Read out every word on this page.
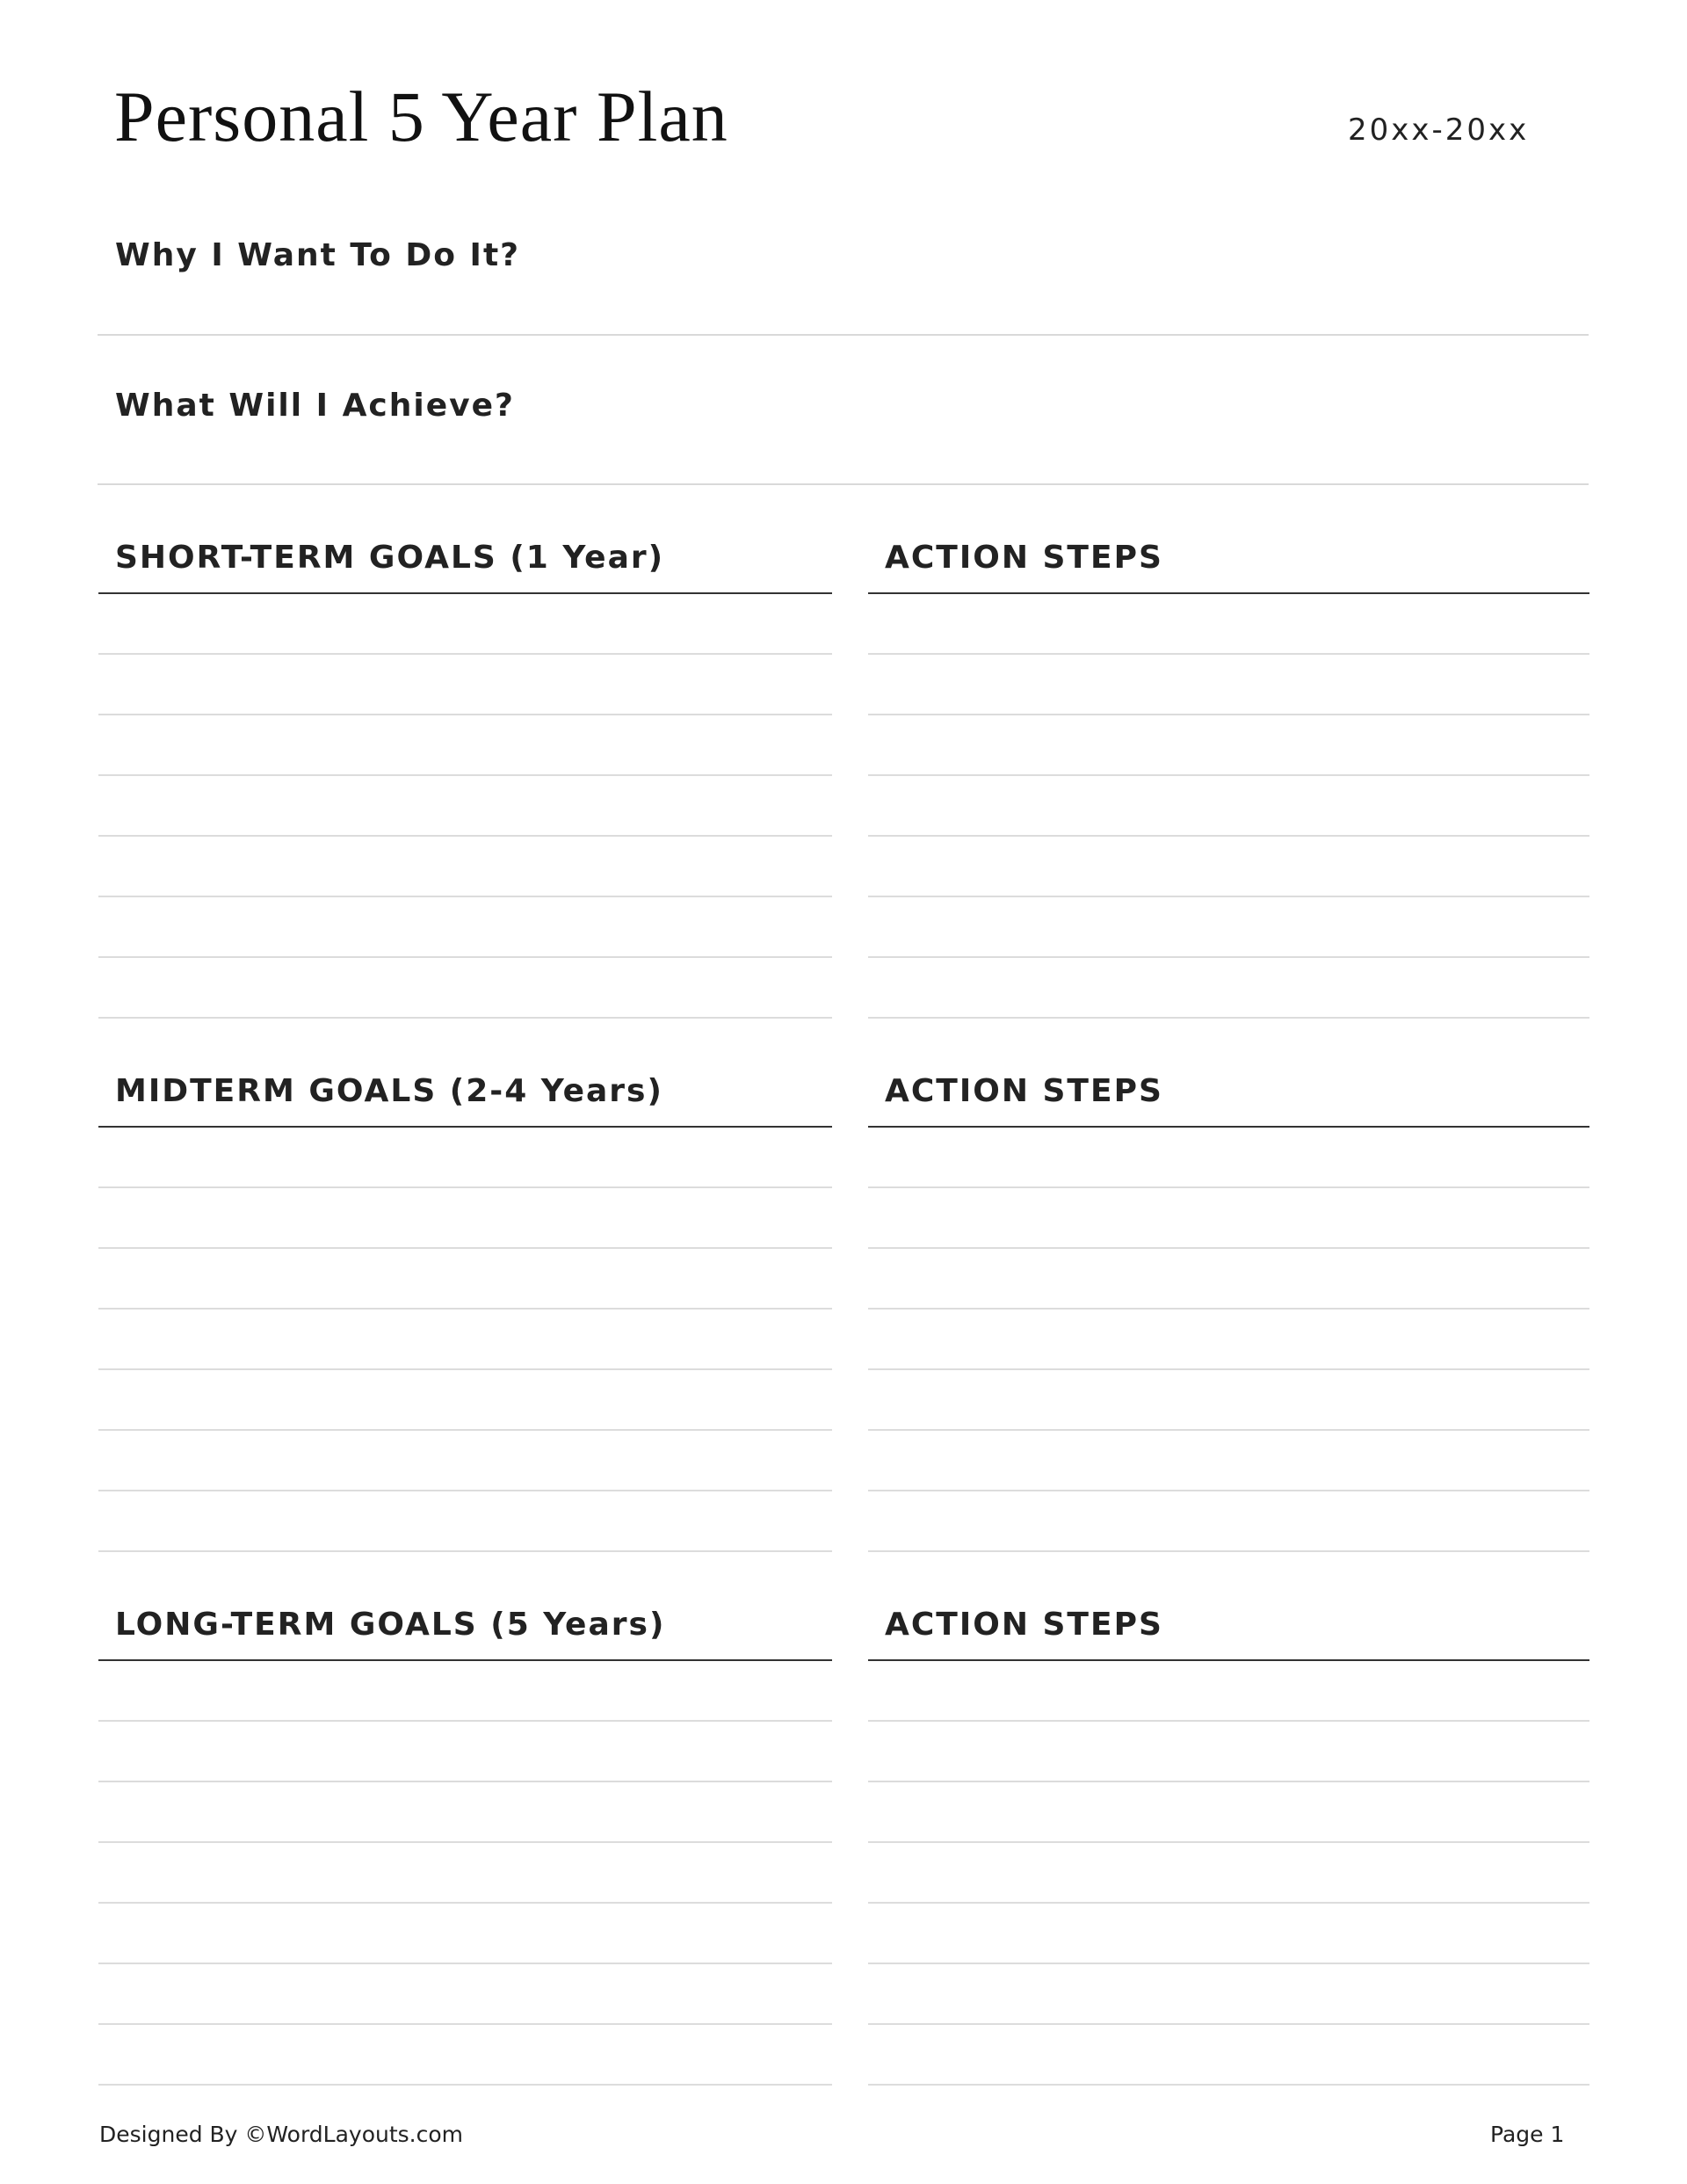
Personal 5 Year Plan	20xx-20xx
Why I Want To Do It?
What Will I Achieve?
SHORT-TERM GOALS (1 Year)	ACTION STEPS
MIDTERM GOALS (2-4 Years)	ACTION STEPS
LONG-TERM GOALS (5 Years)	ACTION STEPS
Designed By ©WordLayouts.com	Page 1
